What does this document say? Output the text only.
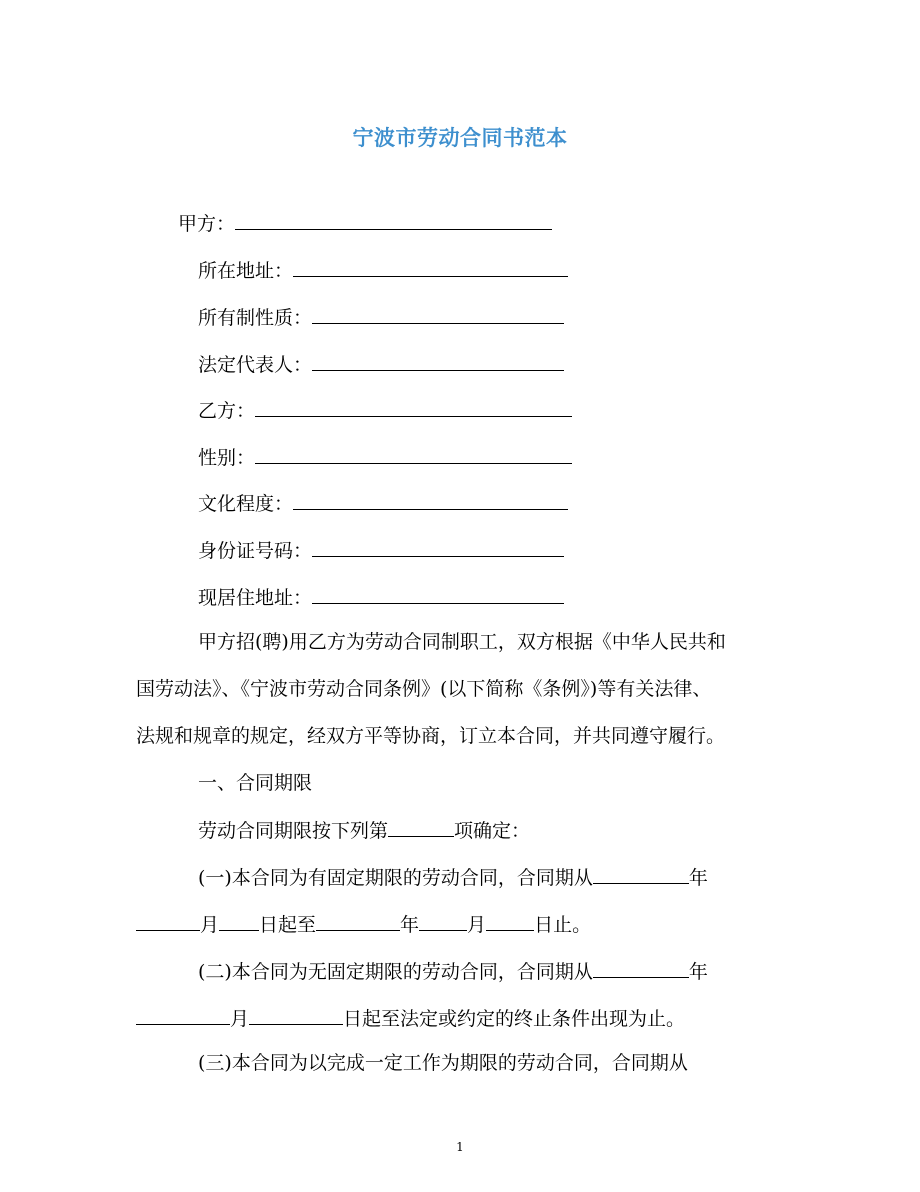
宁波市劳动合同书范本
甲方：
所在地址：
所有制性质：
法定代表人：
乙方：
性别：
文化程度：
身份证号码：
现居住地址：
甲方招(聘)用乙方为劳动合同制职工，双方根据《中华人民共和
国劳动法》、《宁波市劳动合同条例》(以下简称《条例》)等有关法律、
法规和规章的规定，经双方平等协商，订立本合同，并共同遵守履行。
一、合同期限
劳动合同期限按下列第	项确定：
(一)本合同为有固定期限的劳动合同，合同期从	年
月 日起至	年	月	日止。
(二)本合同为无固定期限的劳动合同，合同期从	年
月	日起至法定或约定的终止条件出现为止。
(三)本合同为以完成一定工作为期限的劳动合同，合同期从
1
